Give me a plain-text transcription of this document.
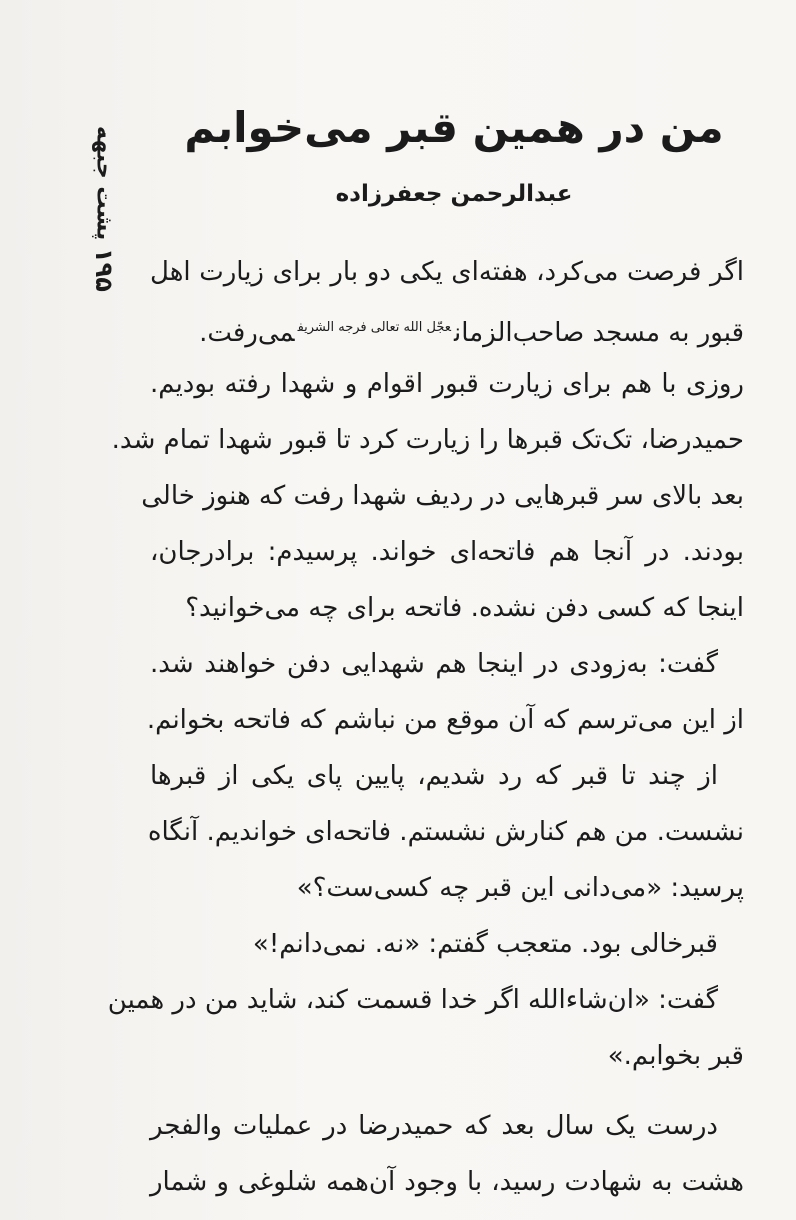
۱۹۵
پشت جبهه من در همین قبر می‌خوابم
عبدالرحمن جعفرزاده
اگر فرصت می‌کرد، هفته‌ای یکی دو بار برای زیارت اهل
قبور به مسجد صاحب‌الزمان$^{عجّل الله تعالی فرجه الشریف}$می‌رفت.
روزی با هم برای زیارت قبور اقوام و شهدا رفته بودیم.
حمیدرضا، تک‌تک قبرها را زیارت کرد تا قبور شهدا تمام شد.
بعد بالای سر قبرهایی در ردیف شهدا رفت که هنوز خالی
بودند. در آنجا هم فاتحه‌ای خواند. پرسیدم: برادرجان،
اینجا که کسی دفن نشده. فاتحه برای چه می‌خوانید؟
گفت: به‌زودی در اینجا هم شهدایی دفن خواهند شد.
از این می‌ترسم که آن موقع من نباشم که فاتحه بخوانم.
از چند تا قبر که رد شدیم، پایین پای یکی از قبرها
نشست. من هم کنارش نشستم. فاتحه‌ای خواندیم. آنگاه
پرسید: «می‌دانی این قبر چه کسی‌ست؟»
قبرخالی بود. متعجب گفتم: «نه. نمی‌دانم!»
گفت: «ان‌شاءالله اگر خدا قسمت کند، شاید من در همین
قبر بخوابم.»
درست یک سال بعد که حمیدرضا در عملیات والفجر
هشت به شهادت رسید، با وجود آن‌همه شلوغی و شمار
